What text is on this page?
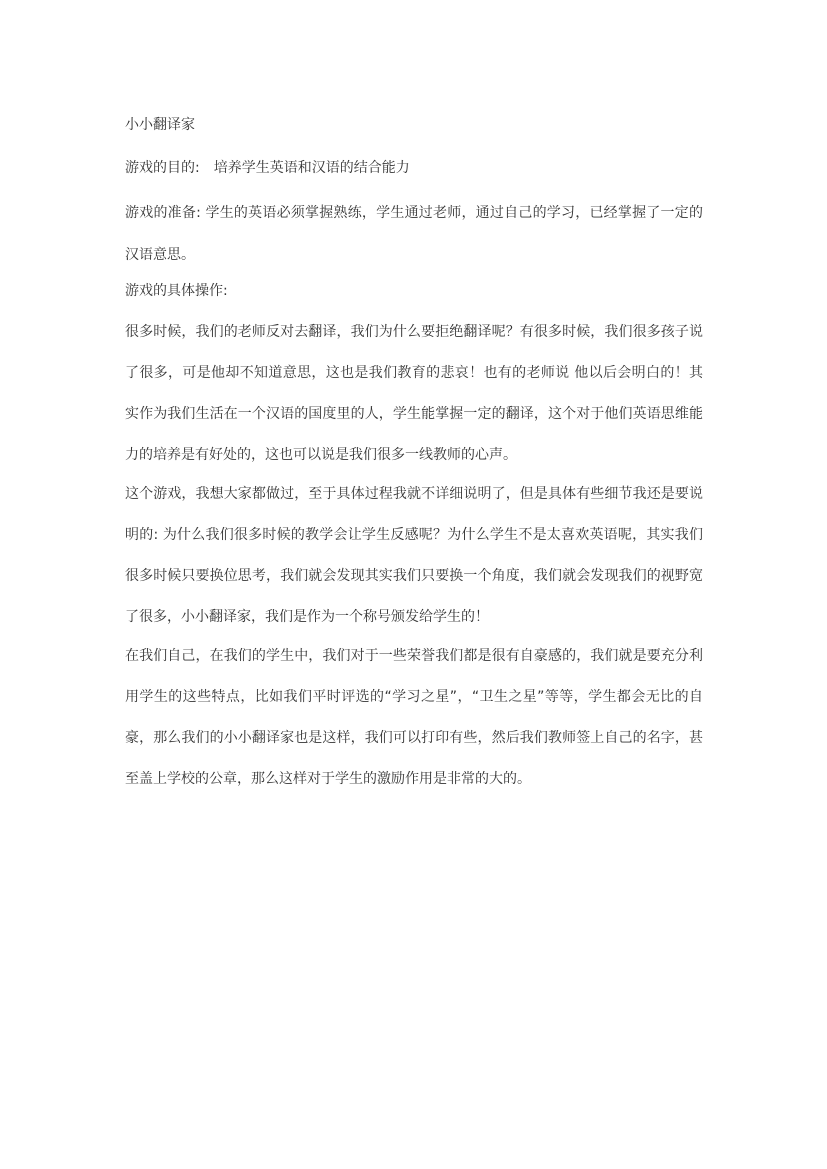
小小翻译家

游戏的目的: 培养学生英语和汉语的结合能力

游戏的准备: 学生的英语必须掌握熟练，学生通过老师，通过自己的学习，已经掌握了一定的汉语意思。

游戏的具体操作:

很多时候，我们的老师反对去翻译，我们为什么要拒绝翻译呢？有很多时候，我们很多孩子说了很多，可是他却不知道意思，这也是我们教育的悲哀！也有的老师说 他以后会明白的！其实作为我们生活在一个汉语的国度里的人，学生能掌握一定的翻译，这个对于他们英语思维能力的培养是有好处的，这也可以说是我们很多一线教师的心声。

这个游戏，我想大家都做过，至于具体过程我就不详细说明了，但是具体有些细节我还是要说明的: 为什么我们很多时候的教学会让学生反感呢？为什么学生不是太喜欢英语呢，其实我们很多时候只要换位思考，我们就会发现其实我们只要换一个角度，我们就会发现我们的视野宽了很多，小小翻译家，我们是作为一个称号颁发给学生的！

在我们自己，在我们的学生中，我们对于一些荣誉我们都是很有自豪感的，我们就是要充分利用学生的这些特点，比如我们平时评选的“学习之星”，“卫生之星”等等，学生都会无比的自豪，那么我们的小小翻译家也是这样，我们可以打印有些，然后我们教师签上自己的名字，甚至盖上学校的公章，那么这样对于学生的激励作用是非常的大的。
